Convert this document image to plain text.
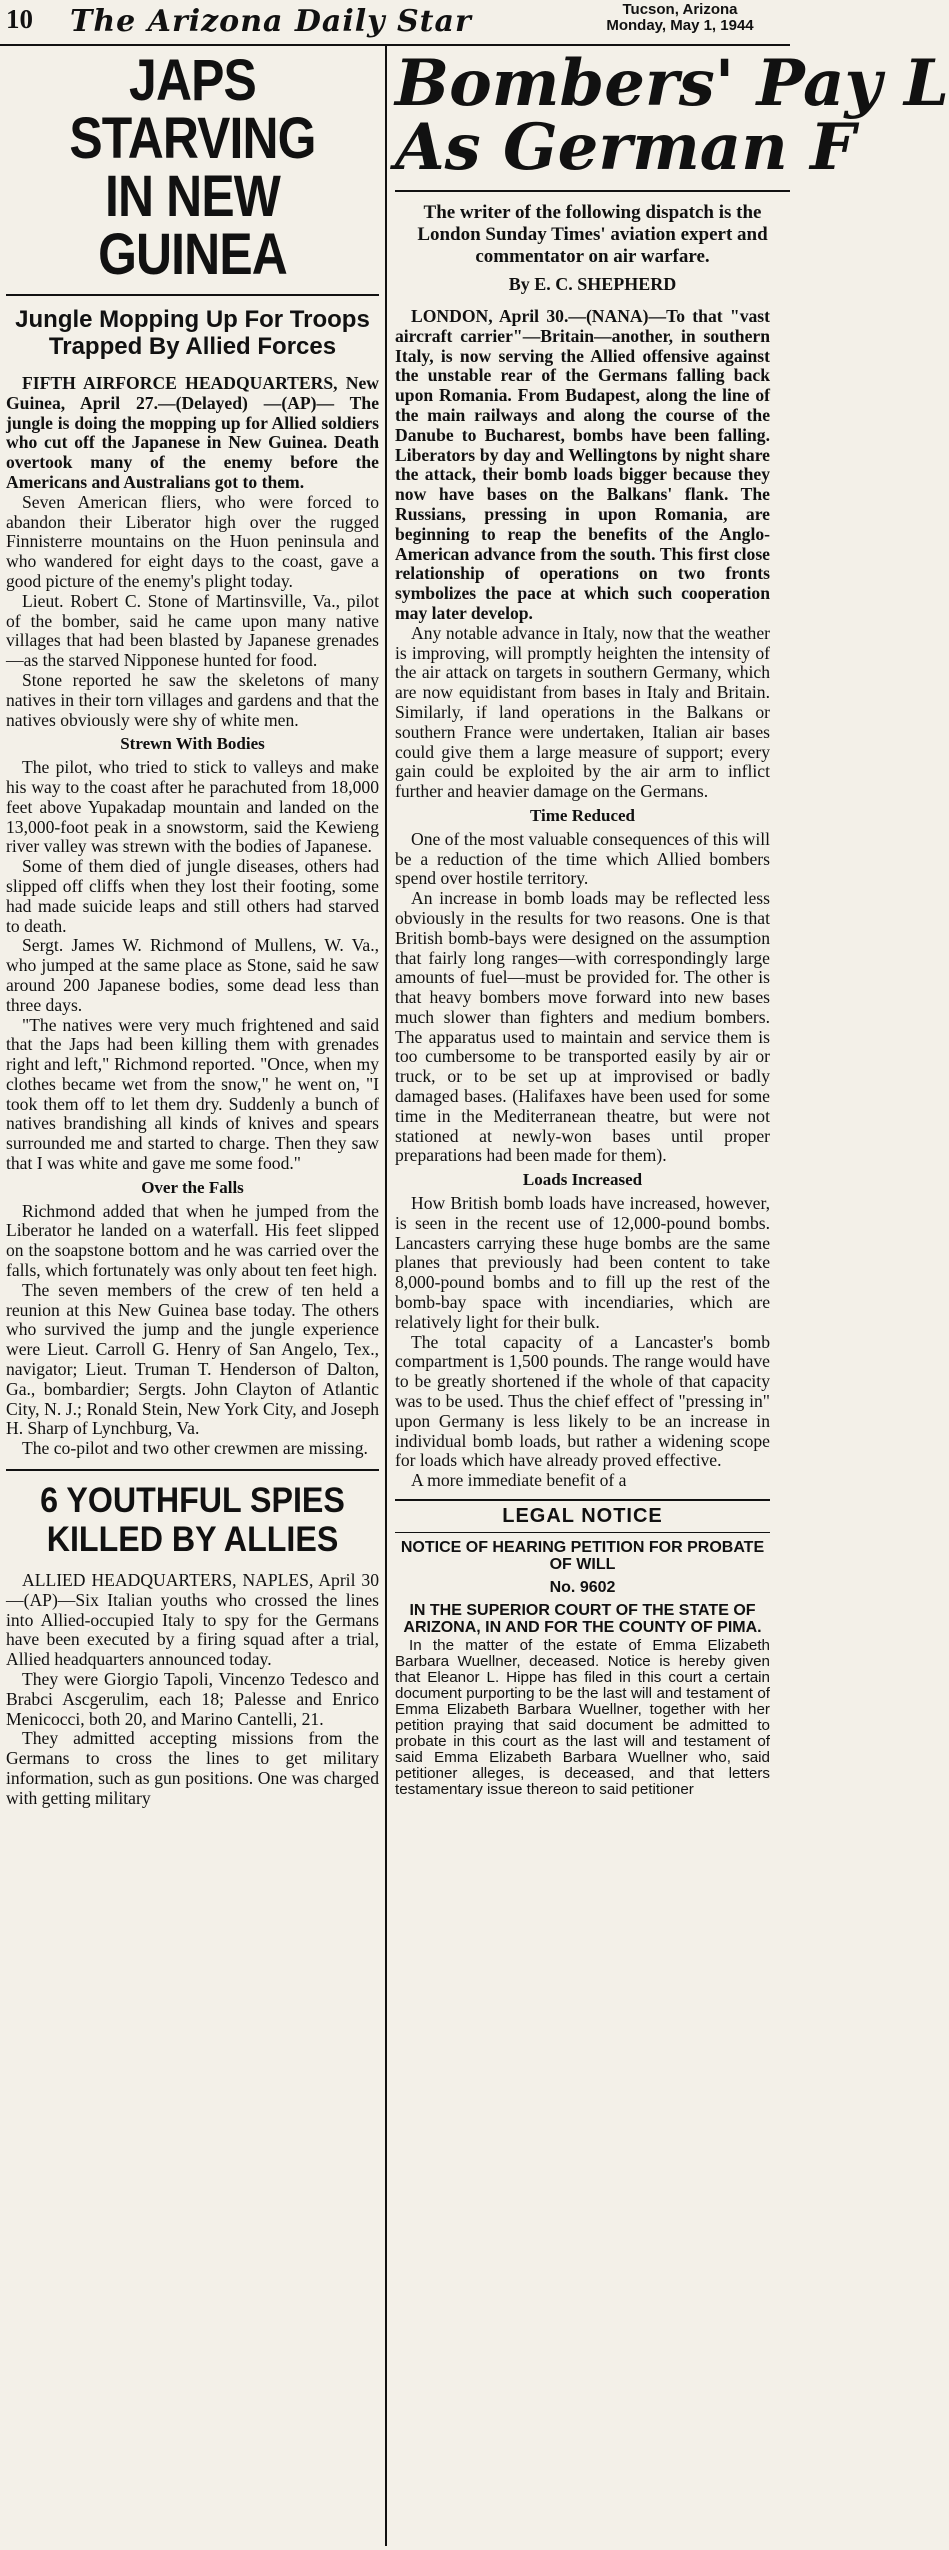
10 The Arizona Daily Star	Tucson, Arizona
Monday, May 1, 1944
JAPS STARVING
IN NEW GUINEA
Jungle Mopping Up For Troops Trapped By Allied Forces

FIFTH AIRFORCE HEADQUARTERS, New Guinea, April 27.—(Delayed) —(AP)— The jungle is doing the mopping up for Allied soldiers who cut off the Japanese in New Guinea. Death overtook many of the enemy before the Americans and Australians got to them.

Seven American fliers, who were forced to abandon their Liberator high over the rugged Finnisterre mountains on the Huon peninsula and who wandered for eight days to the coast, gave a good picture of the enemy's plight today.

Lieut. Robert C. Stone of Martinsville, Va., pilot of the bomber, said he came upon many native villages that had been blasted by Japanese grenades—as the starved Nipponese hunted for food.

Stone reported he saw the skeletons of many natives in their torn villages and gardens and that the natives obviously were shy of white men.

Strewn With Bodies

The pilot, who tried to stick to valleys and make his way to the coast after he parachuted from 18,000 feet above Yupakadap mountain and landed on the 13,000-foot peak in a snowstorm, said the Kewieng river valley was strewn with the bodies of Japanese.

Some of them died of jungle diseases, others had slipped off cliffs when they lost their footing, some had made suicide leaps and still others had starved to death.

Sergt. James W. Richmond of Mullens, W. Va., who jumped at the same place as Stone, said he saw around 200 Japanese bodies, some dead less than three days.

"The natives were very much frightened and said that the Japs had been killing them with grenades right and left," Richmond reported. "Once, when my clothes became wet from the snow," he went on, "I took them off to let them dry. Suddenly a bunch of natives brandishing all kinds of knives and spears surrounded me and started to charge. Then they saw that I was white and gave me some food."

Over the Falls

Richmond added that when he jumped from the Liberator he landed on a waterfall. His feet slipped on the soapstone bottom and he was carried over the falls, which fortunately was only about ten feet high.

The seven members of the crew of ten held a reunion at this New Guinea base today. The others who survived the jump and the jungle experience were Lieut. Carroll G. Henry of San Angelo, Tex., navigator; Lieut. Truman T. Henderson of Dalton, Ga., bombardier; Sergts. John Clayton of Atlantic City, N. J.; Ronald Stein, New York City, and Joseph H. Sharp of Lynchburg, Va.

The co-pilot and two other crewmen are missing.

6 YOUTHFUL SPIES
KILLED BY ALLIES

ALLIED HEADQUARTERS, NAPLES, April 30—(AP)—Six Italian youths who crossed the lines into Allied-occupied Italy to spy for the Germans have been executed by a firing squad after a trial, Allied headquarters announced today.

They were Giorgio Tapoli, Vincenzo Tedesco and Brabci Ascgerulim, each 18; Palesse and Enrico Menicocci, both 20, and Marino Cantelli, 21.

They admitted accepting missions from the Germans to cross the lines to get military information, such as gun positions. One was charged with getting military

Bombers' Pay L
As German F
The writer of the following dispatch is the London Sunday Times' aviation expert and commentator on air warfare.
By E. C. SHEPHERD

LONDON, April 30.—(NANA)—To that "vast aircraft carrier"—Britain—another, in southern Italy, is now serving the Allied offensive against the unstable rear of the Germans falling back upon Romania. From Budapest, along the line of the main railways and along the course of the Danube to Bucharest, bombs have been falling. Liberators by day and Wellingtons by night share the attack, their bomb loads bigger because they now have bases on the Balkans' flank. The Russians, pressing in upon Romania, are beginning to reap the benefits of the Anglo-American advance from the south. This first close relationship of operations on two fronts symbolizes the pace at which such cooperation may later develop.

Any notable advance in Italy, now that the weather is improving, will promptly heighten the intensity of the air attack on targets in southern Germany, which are now equidistant from bases in Italy and Britain. Similarly, if land operations in the Balkans or southern France were undertaken, Italian air bases could give them a large measure of support; every gain could be exploited by the air arm to inflict further and heavier damage on the Germans.

Time Reduced

One of the most valuable consequences of this will be a reduction of the time which Allied bombers spend over hostile territory.

An increase in bomb loads may be reflected less obviously in the results for two reasons. One is that British bomb-bays were designed on the assumption that fairly long ranges—with correspondingly large amounts of fuel—must be provided for. The other is that heavy bombers move forward into new bases much slower than fighters and medium bombers. The apparatus used to maintain and service them is too cumbersome to be transported easily by air or truck, or to be set up at improvised or badly damaged bases. (Halifaxes have been used for some time in the Mediterranean theatre, but were not stationed at newly-won bases until proper preparations had been made for them).

Loads Increased

How British bomb loads have increased, however, is seen in the recent use of 12,000-pound bombs. Lancasters carrying these huge bombs are the same planes that previously had been content to take 8,000-pound bombs and to fill up the rest of the bomb-bay space with incendiaries, which are relatively light for their bulk.

The total capacity of a Lancaster's bomb compartment is 1,500 pounds. The range would have to be greatly shortened if the whole of that capacity was to be used. Thus the chief effect of "pressing in" upon Germany is less likely to be an increase in individual bomb loads, but rather a widening scope for loads which have already proved effective.

A more immediate benefit of a

LEGAL NOTICE
NOTICE OF HEARING PETITION FOR PROBATE OF WILL
No. 9602
IN THE SUPERIOR COURT OF THE STATE OF ARIZONA, IN AND FOR THE COUNTY OF PIMA.

In the matter of the estate of Emma Elizabeth Barbara Wuellner, deceased. Notice is hereby given that Eleanor L. Hippe has filed in this court a certain document purporting to be the last will and testament of Emma Elizabeth Barbara Wuellner, together with her petition praying that said document be admitted to probate in this court as the last will and testament of said Emma Elizabeth Barbara Wuellner who, said petitioner alleges, is deceased, and that letters testamentary issue thereon to said petitioner
